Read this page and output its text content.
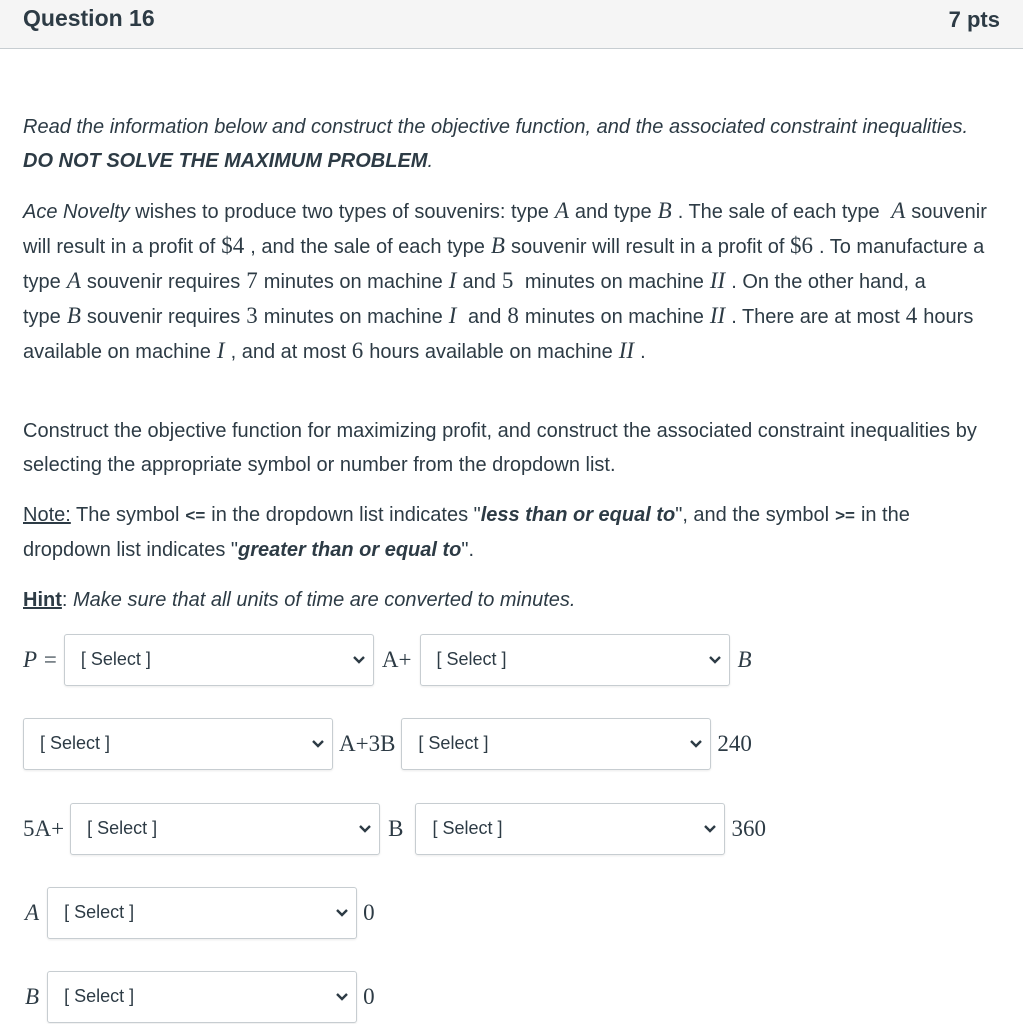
Question 16	7 pts

Read the information below and construct the objective function, and the associated constraint inequalities. DO NOT SOLVE THE MAXIMUM PROBLEM.

Ace Novelty wishes to produce two types of souvenirs: type A and type B . The sale of each type A souvenir will result in a profit of $4 , and the sale of each type B souvenir will result in a profit of $6 . To manufacture a type A souvenir requires 7 minutes on machine I and 5 minutes on machine II . On the other hand, a type B souvenir requires 3 minutes on machine I and 8 minutes on machine II . There are at most 4 hours available on machine I , and at most 6 hours available on machine II .

Construct the objective function for maximizing profit, and construct the associated constraint inequalities by selecting the appropriate symbol or number from the dropdown list.

Note: The symbol <= in the dropdown list indicates "less than or equal to", and the symbol >= in the dropdown list indicates "greater than or equal to".

Hint: Make sure that all units of time are converted to minutes.

P = [ Select ]	A+ [ Select ]	B
[ Select ]	A+3B [ Select ]	240
5A+ [ Select ]	B [ Select ]	360
A [ Select ]	0
B [ Select ]	0
